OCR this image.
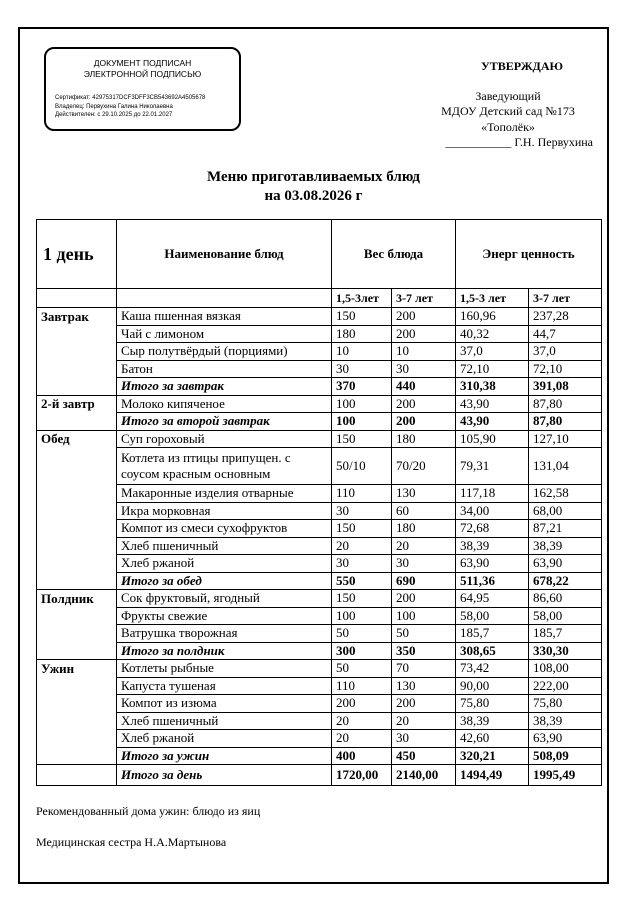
ДОКУМЕНТ ПОДПИСАН
ЭЛЕКТРОННОЙ ПОДПИСЬЮ
Сертификат: 42975317DCF3DFF3CB543692A4505678
Владелец: Первухина Галина Николаевна
Действителен: с 29.10.2025 до 22.01.2027
УТВЕРЖДАЮ
Заведующий
МДОУ Детский сад №173
«Тополёк»
___________ Г.Н. Первухина
Меню приготавливаемых блюд
на 03.08.2026 г
1 день	Наименование блюд	Вес блюда		Энерг ценность	
		1,5-3лет	3-7 лет	1,5-3 лет	3-7 лет
Завтрак	Каша пшенная вязкая	150	200	160,96	237,28
	Чай с лимоном	180	200	40,32	44,7
	Сыр полутвёрдый (порциями)	10	10	37,0	37,0
	Батон	30	30	72,10	72,10
	Итого за завтрак	370	440	310,38	391,08
2-й завтр	Молоко кипяченое	100	200	43,90	87,80
	Итого за второй завтрак	100	200	43,90	87,80
Обед	Суп гороховый	150	180	105,90	127,10
	Котлета из птицы припущен. с соусом красным основным	50/10	70/20	79,31	131,04
	Макаронные изделия отварные	110	130	117,18	162,58
	Икра морковная	30	60	34,00	68,00
	Компот из смеси сухофруктов	150	180	72,68	87,21
	Хлеб пшеничный	20	20	38,39	38,39
	Хлеб ржаной	30	30	63,90	63,90
	Итого за обед	550	690	511,36	678,22
Полдник	Сок фруктовый, ягодный	150	200	64,95	86,60
	Фрукты свежие	100	100	58,00	58,00
	Ватрушка творожная	50	50	185,7	185,7
	Итого за полдник	300	350	308,65	330,30
Ужин	Котлеты рыбные	50	70	73,42	108,00
	Капуста тушеная	110	130	90,00	222,00
	Компот из изюма	200	200	75,80	75,80
	Хлеб пшеничный	20	20	38,39	38,39
	Хлеб ржаной	20	30	42,60	63,90
	Итого за ужин	400	450	320,21	508,09
	Итого за день	1720,00	2140,00	1494,49	1995,49
Рекомендованный дома ужин: блюдо из яиц
Медицинская сестра Н.А.Мартынова
